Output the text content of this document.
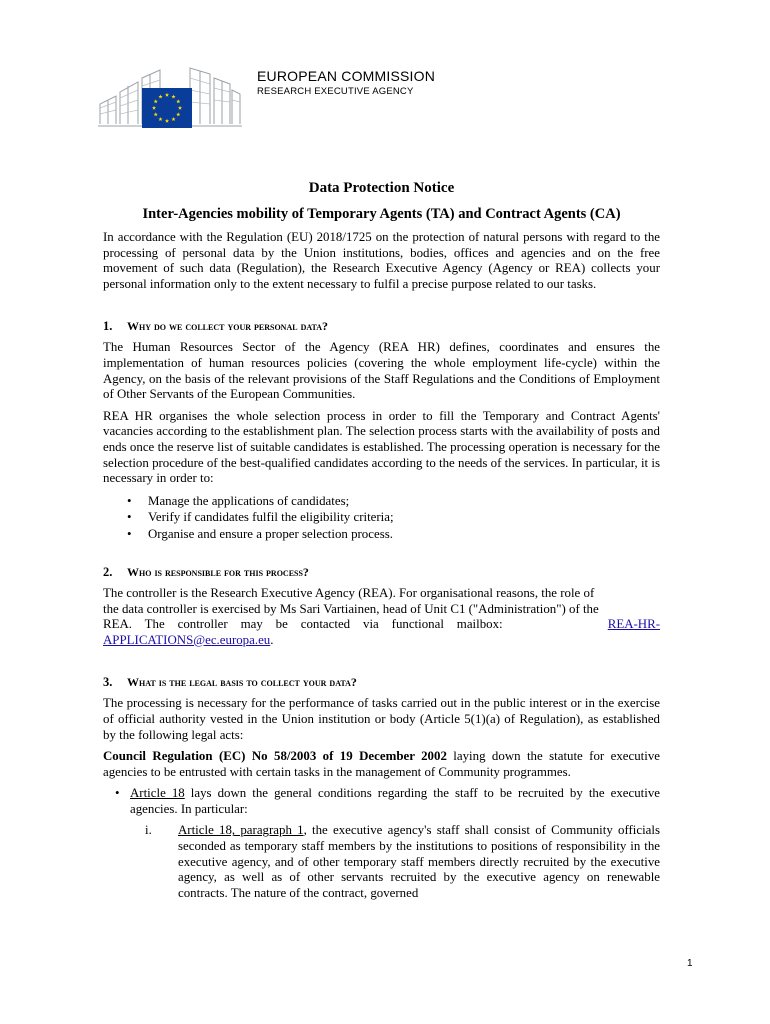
EUROPEAN COMMISSION
RESEARCH EXECUTIVE AGENCY
Data Protection Notice
Inter-Agencies mobility of Temporary Agents (TA) and Contract Agents (CA)

In accordance with the Regulation (EU) 2018/1725 on the protection of natural persons with regard to the processing of personal data by the Union institutions, bodies, offices and agencies and on the free movement of such data (Regulation), the Research Executive Agency (Agency or REA) collects your personal information only to the extent necessary to fulfil a precise purpose related to our tasks.

1.	Why do we collect your personal data?

The Human Resources Sector of the Agency (REA HR) defines, coordinates and ensures the implementation of human resources policies (covering the whole employment life-cycle) within the Agency, on the basis of the relevant provisions of the Staff Regulations and the Conditions of Employment of Other Servants of the European Communities.

REA HR organises the whole selection process in order to fill the Temporary and Contract Agents' vacancies according to the establishment plan. The selection process starts with the availability of posts and ends once the reserve list of suitable candidates is established. The processing operation is necessary for the selection procedure of the best-qualified candidates according to the needs of the services. In particular, it is necessary in order to:

• Manage the applications of candidates;
• Verify if candidates fulfil the eligibility criteria;
• Organise and ensure a proper selection process.
2.	Who is responsible for this process?

The controller is the Research Executive Agency (REA). For organisational reasons, the role of
the data controller is exercised by Ms Sari Vartiainen, head of Unit C1 ("Administration") of the
REA.    The    controller    may    be    contacted    via    functional    mailbox:	REA-HR-

APPLICATIONS@ec.europa.eu.

3.	What is the legal basis to collect your data?

The processing is necessary for the performance of tasks carried out in the public interest or in the exercise of official authority vested in the Union institution or body (Article 5(1)(a) of Regulation), as established by the following legal acts:

Council Regulation (EC) No 58/2003 of 19 December 2002 laying down the statute for executive agencies to be entrusted with certain tasks in the management of Community programmes.

• Article 18 lays down the general conditions regarding the staff to be recruited by the executive agencies. In particular:
i.	Article 18, paragraph 1, the executive agency's staff shall consist of Community officials seconded as temporary staff members by the institutions to positions of responsibility in the executive agency, and of other temporary staff members directly recruited by the executive agency, as well as of other servants recruited by the executive agency on renewable contracts. The nature of the contract, governed
1
